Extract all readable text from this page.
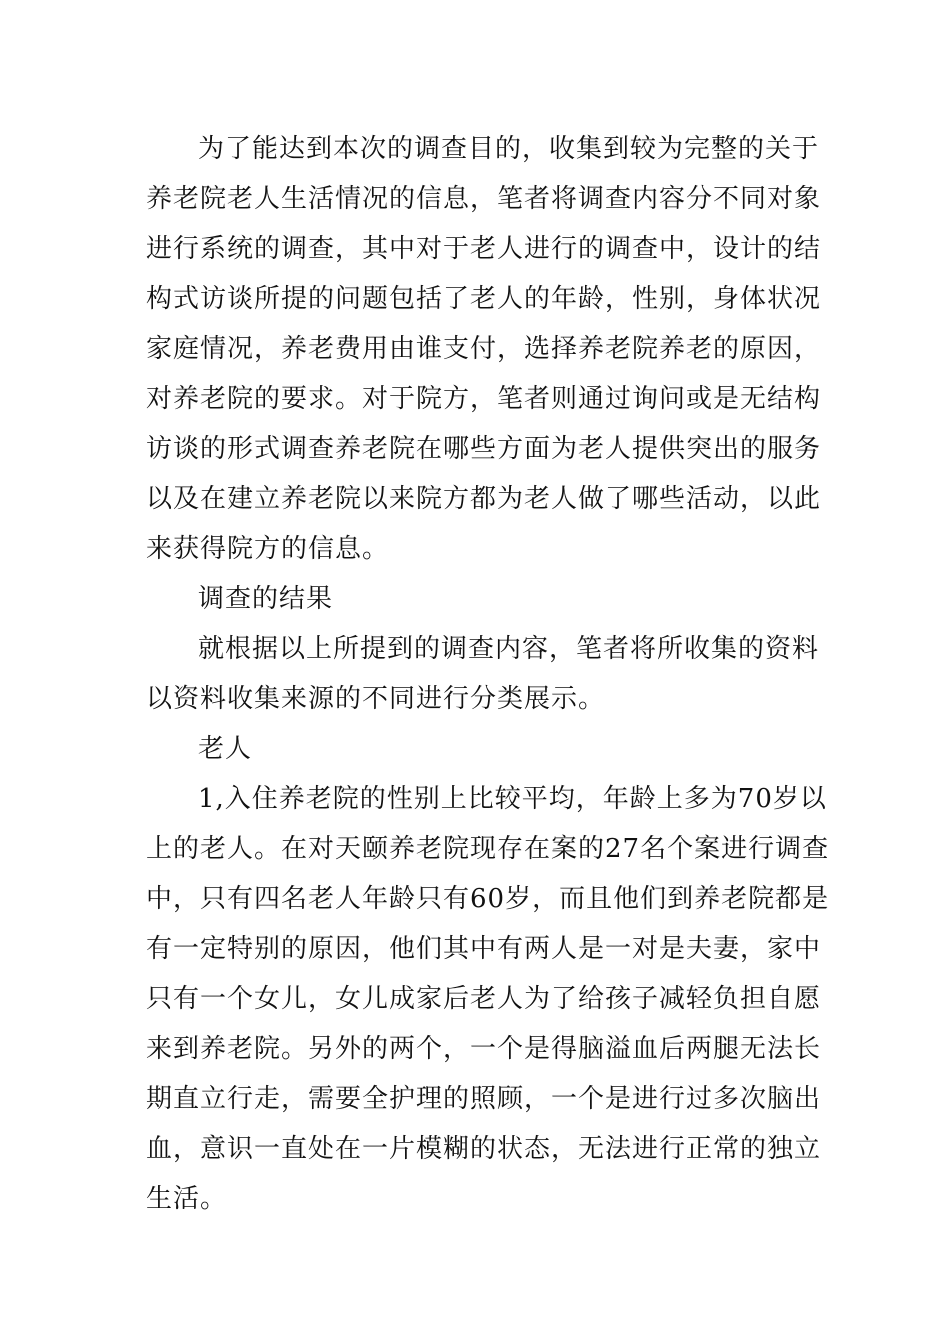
为了能达到本次的调查目的，收集到较为完整的关于
养老院老人生活情况的信息，笔者将调查内容分不同对象
进行系统的调查，其中对于老人进行的调查中，设计的结
构式访谈所提的问题包括了老人的年龄，性别，身体状况
家庭情况，养老费用由谁支付，选择养老院养老的原因，
对养老院的要求。对于院方，笔者则通过询问或是无结构
访谈的形式调查养老院在哪些方面为老人提供突出的服务
以及在建立养老院以来院方都为老人做了哪些活动，以此
来获得院方的信息。
调查的结果
就根据以上所提到的调查内容，笔者将所收集的资料
以资料收集来源的不同进行分类展示。
老人
1,入住养老院的性别上比较平均，年龄上多为70岁以
上的老人。在对天颐养老院现存在案的27名个案进行调查
中，只有四名老人年龄只有60岁，而且他们到养老院都是
有一定特别的原因，他们其中有两人是一对是夫妻，家中
只有一个女儿，女儿成家后老人为了给孩子减轻负担自愿
来到养老院。另外的两个，一个是得脑溢血后两腿无法长
期直立行走，需要全护理的照顾，一个是进行过多次脑出
血，意识一直处在一片模糊的状态，无法进行正常的独立
生活。
